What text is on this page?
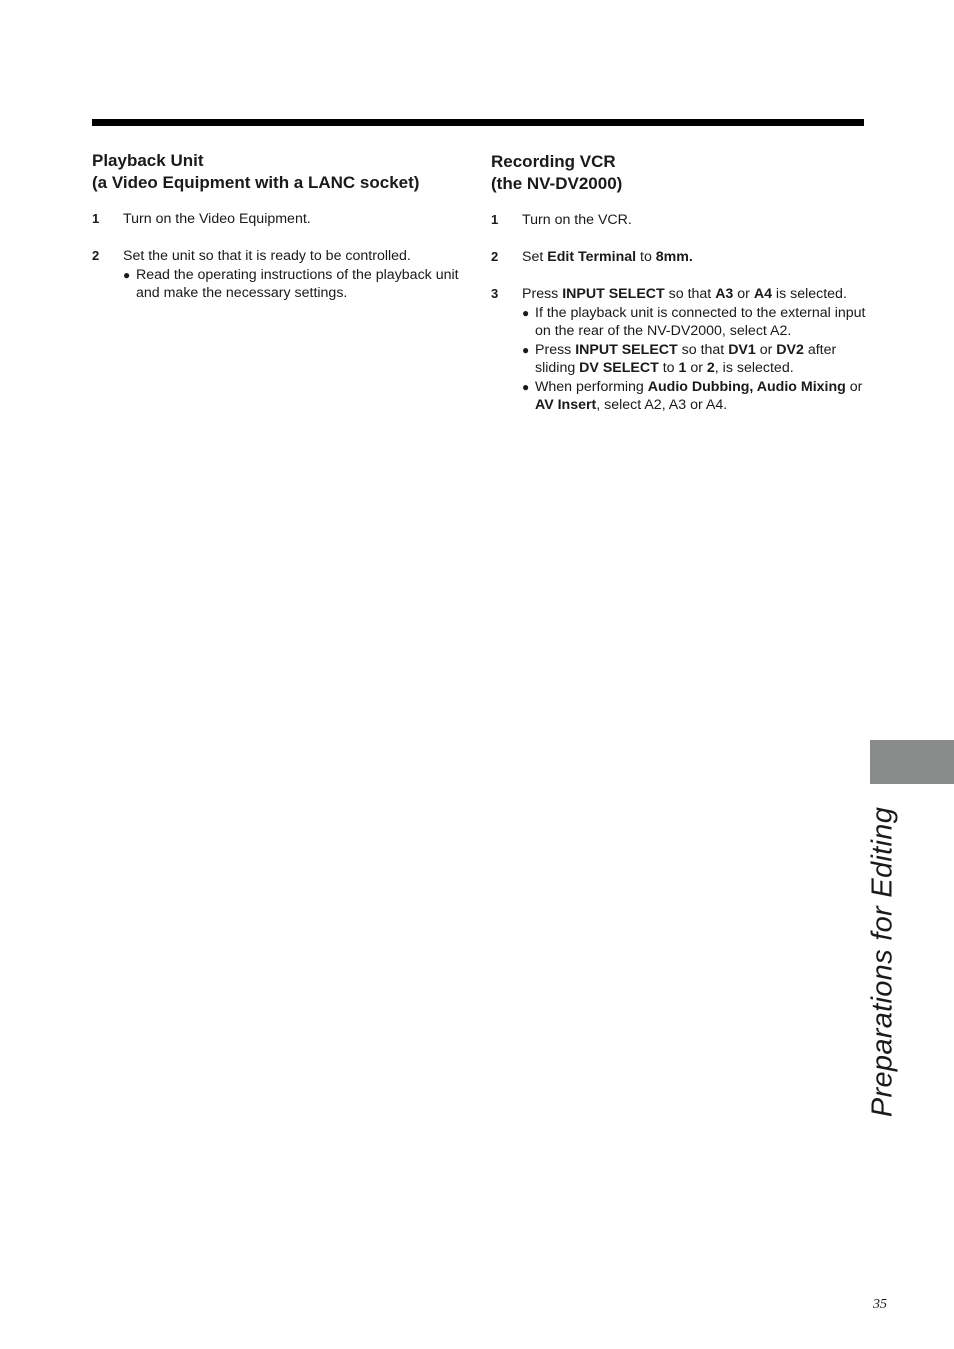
Playback Unit
(a Video Equipment with a LANC socket)
1 Turn on the Video Equipment.
2 Set the unit so that it is ready to be controlled.
● Read the operating instructions of the playback unit and make the necessary settings.
Recording VCR
(the NV-DV2000)
1 Turn on the VCR.
2 Set Edit Terminal to 8mm.
3 Press INPUT SELECT so that A3 or A4 is selected.
● If the playback unit is connected to the external input on the rear of the NV-DV2000, select A2.
● Press INPUT SELECT so that DV1 or DV2 after sliding DV SELECT to 1 or 2, is selected.
● When performing Audio Dubbing, Audio Mixing or AV Insert, select A2, A3 or A4.
Preparations for Editing
35
